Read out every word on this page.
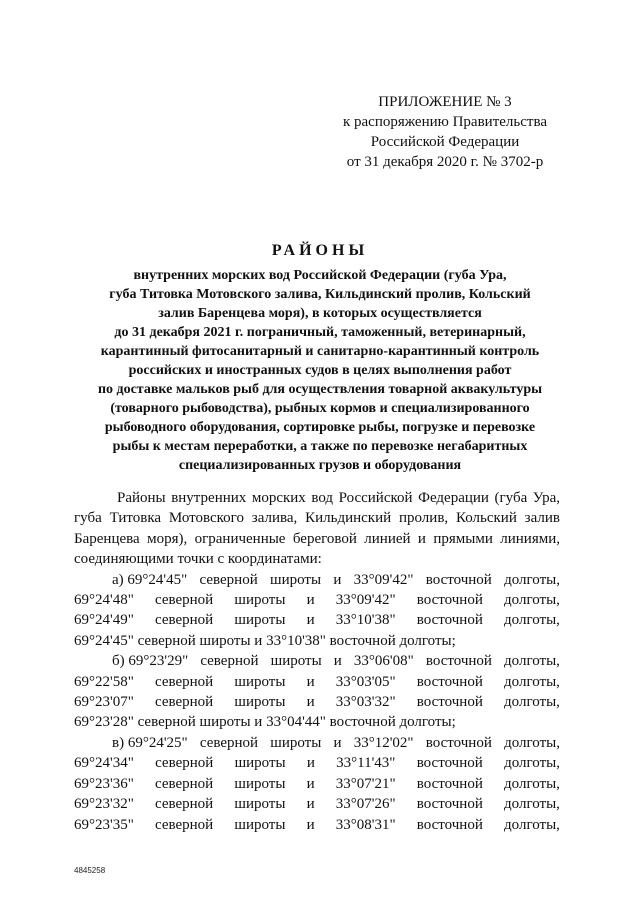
ПРИЛОЖЕНИЕ № 3
к распоряжению Правительства
Российской Федерации
от 31 декабря 2020 г. № 3702-р
РАЙОНЫ
внутренних морских вод Российской Федерации (губа Ура,
губа Титовка Мотовского залива, Кильдинский пролив, Кольский
залив Баренцева моря), в которых осуществляется
до 31 декабря 2021 г. пограничный, таможенный, ветеринарный,
карантинный фитосанитарный и санитарно-карантинный контроль
российских и иностранных судов в целях выполнения работ
по доставке мальков рыб для осуществления товарной аквакультуры
(товарного рыбоводства), рыбных кормов и специализированного
рыбоводного оборудования, сортировке рыбы, погрузке и перевозке
рыбы к местам переработки, а также по перевозке негабаритных
специализированных грузов и оборудования

Районы внутренних морских вод Российской Федерации (губа Ура, губа Титовка Мотовского залива, Кильдинский пролив, Кольский залив Баренцева моря), ограниченные береговой линией и прямыми линиями, соединяющими точки с координатами:

а) 69°24'45" северной широты и 33°09'42" восточной долготы,
69°24'48" северной широты и 33°09'42" восточной долготы,
69°24'49" северной широты и 33°10'38" восточной долготы,
69°24'45" северной широты и 33°10'38" восточной долготы;
б) 69°23'29" северной широты и 33°06'08" восточной долготы,
69°22'58" северной широты и 33°03'05" восточной долготы,
69°23'07" северной широты и 33°03'32" восточной долготы,
69°23'28" северной широты и 33°04'44" восточной долготы;
в) 69°24'25" северной широты и 33°12'02" восточной долготы,
69°24'34" северной широты и 33°11'43" восточной долготы,
69°23'36" северной широты и 33°07'21" восточной долготы,
69°23'32" северной широты и 33°07'26" восточной долготы,
69°23'35" северной широты и 33°08'31" восточной долготы,
4845258
